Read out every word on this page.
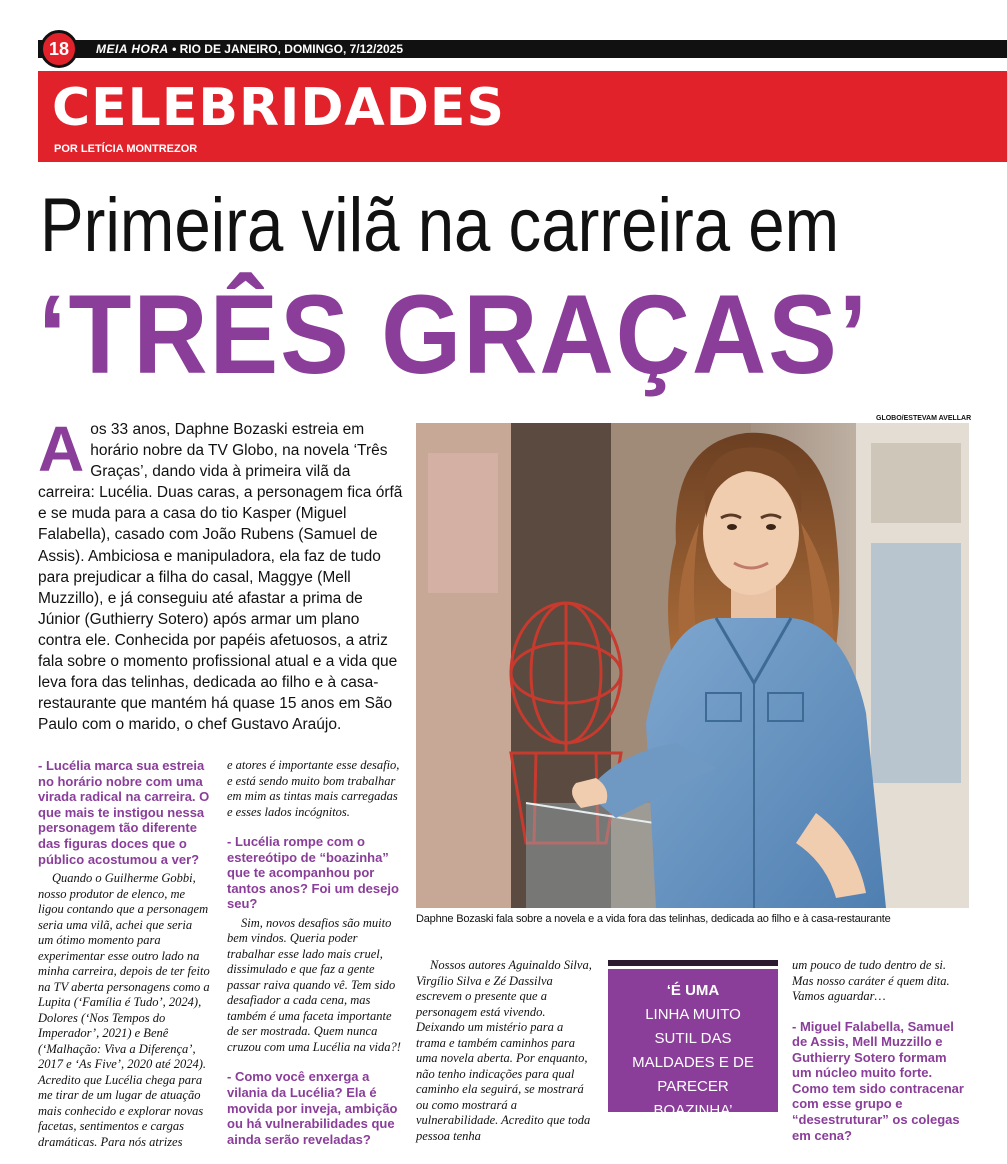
18	MEIA HORA • RIO DE JANEIRO, DOMINGO, 7/12/2025
CELEBRIDADES
POR LETÍCIA MONTREZOR
Primeira vilã na carreira em
‘TRÊS GRAÇAS’
A os 33 anos, Daphne Bozaski estreia em horário nobre da TV Globo, na novela ‘Três Graças’, dando vida à primeira vilã da carreira: Lucélia. Duas caras, a personagem fica órfã e se muda para a casa do tio Kasper (Miguel Falabella), casado com João Rubens (Samuel de Assis). Ambiciosa e manipuladora, ela faz de tudo para prejudicar a filha do casal, Maggye (Mell Muzzillo), e já conseguiu até afastar a prima de Júnior (Guthierry Sotero) após armar um plano contra ele. Conhecida por papéis afetuosos, a atriz fala sobre o momento profissional atual e a vida que leva fora das telinhas, dedicada ao filho e à casa-restaurante que mantém há quase 15 anos em São Paulo com o marido, o chef Gustavo Araújo.
GLOBO/ESTEVAM AVELLAR
Daphne Bozaski fala sobre a novela e a vida fora das telinhas, dedicada ao filho e à casa-restaurante

- Lucélia marca sua estreia no horário nobre com uma virada radical na carreira. O que mais te instigou nessa personagem tão diferente das figuras doces que o público acostumou a ver?

Quando o Guilherme Gobbi, nosso produtor de elenco, me ligou contando que a personagem seria uma vilã, achei que seria um ótimo momento para experimentar esse outro lado na minha carreira, depois de ter feito na TV aberta personagens como a Lupita (‘Família é Tudo’, 2024), Dolores (‘Nos Tempos do Imperador’, 2021) e Benê (‘Malhação: Viva a Diferença’, 2017 e ‘As Five’, 2020 até 2024). Acredito que Lucélia chega para me tirar de um lugar de atuação mais conhecido e explorar novas facetas, sentimentos e cargas dramáticas. Para nós atrizes

e atores é importante esse desafio, e está sendo muito bom trabalhar em mim as tintas mais carregadas e esses lados incógnitos.

- Lucélia rompe com o estereótipo de “boazinha” que te acompanhou por tantos anos? Foi um desejo seu?

Sim, novos desafios são muito bem vindos. Queria poder trabalhar esse lado mais cruel, dissimulado e que faz a gente passar raiva quando vê. Tem sido desafiador a cada cena, mas também é uma faceta importante de ser mostrada. Quem nunca cruzou com uma Lucélia na vida?!

- Como você enxerga a vilania da Lucélia? Ela é movida por inveja, ambição ou há vulnerabilidades que ainda serão reveladas?

Nossos autores Aguinaldo Silva, Virgílio Silva e Zé Dassilva escrevem o presente que a personagem está vivendo. Deixando um mistério para a trama e também caminhos para uma novela aberta. Por enquanto, não tenho indicações para qual caminho ela seguirá, se mostrará ou como mostrará a vulnerabilidade. Acredito que toda pessoa tenha

‘É UMA
LINHA MUITO SUTIL DAS MALDADES E DE PARECER BOAZINHA’

um pouco de tudo dentro de si. Mas nosso caráter é quem dita. Vamos aguardar…

- Miguel Falabella, Samuel de Assis, Mell Muzzillo e Guthierry Sotero formam um núcleo muito forte. Como tem sido contracenar com esse grupo e “desestruturar” os colegas em cena?
